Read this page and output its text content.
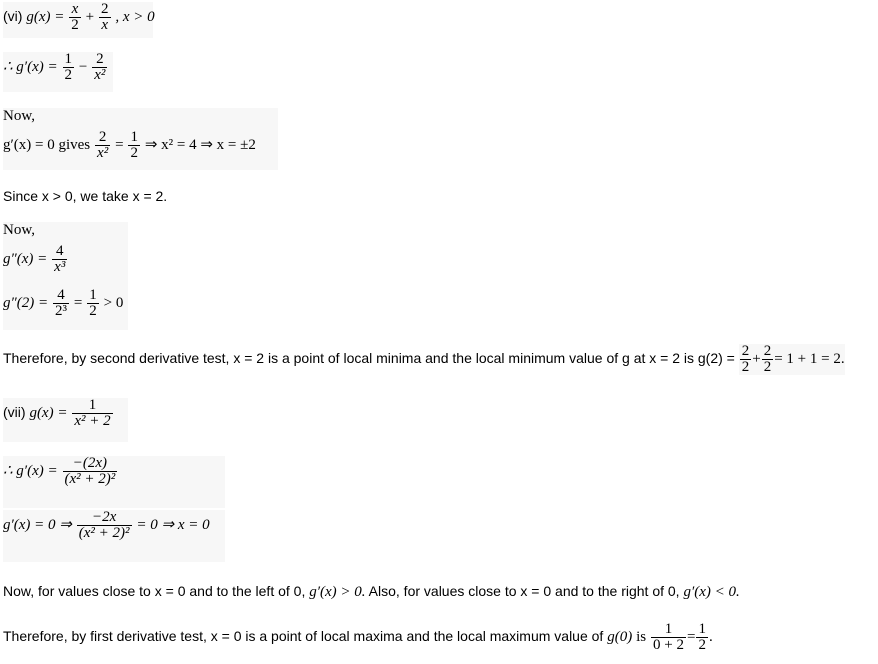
(vi) $g(x) = \frac{x}{2} + \frac{2}{x}$ , x > 0
∴ $g'(x) = \frac{1}{2} - \frac{2}{\text{x²}}$
Now,
g′(x) = 0 gives $\frac{2}{\text{x²}} = \frac{1}{2}$ ⇒ x² = 4 ⇒ x = ±2
Since x > 0, we take x = 2.
Now,
$g''(x) = \frac{4}{\text{x³}}$
$g''(2) = \frac{4}{\text{2³}} = \frac{1}{2} > 0$
Therefore, by second derivative test, x = 2 is a point of local minima and the local minimum value of g at x = 2 is $g(2) = \frac{2}{2} + \frac{2}{2} = 1 + 1 = 2$.
(vii) $g(x) = \frac{1}{\text{x² + 2}}$
∴ $g'(x) = \frac{-(2x)}{\text{(x² + 2)²}}$
g′(x) = 0 ⇒ $\frac{-2x}{\text{(x² + 2)²}} = 0$ ⇒ x = 0
Now, for values close to x = 0 and to the left of 0, g′(x) > 0. Also, for values close to x = 0 and to the right of 0, g′(x) < 0.
Therefore, by first derivative test, x = 0 is a point of local maxima and the local maximum value of g(0) is $\frac{1}{0 + 2} = \frac{1}{2}$ .
